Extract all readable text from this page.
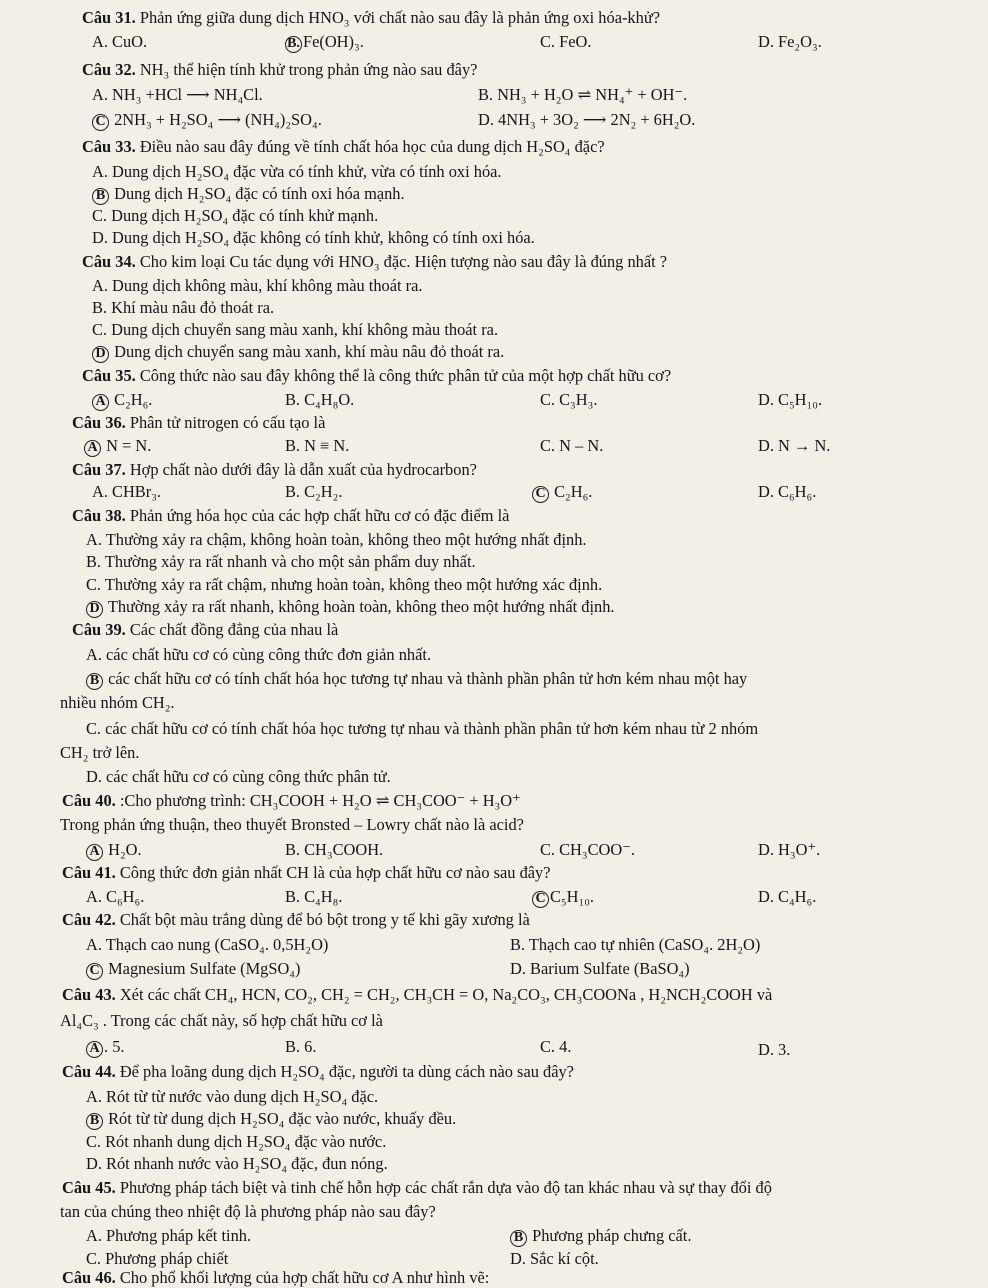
Câu 31. Phản ứng giữa dung dịch HNO₃ với chất nào sau đây là phản ứng oxi hóa-khử?
A. CuO.	B. Fe(OH)₃.	C. FeO.	D. Fe₂O₃.
Câu 32. NH₃ thể hiện tính khử trong phản ứng nào sau đây?
A. NH₃ +HCl ⟶ NH₄Cl.	B. NH₃ + H₂O ⇌ NH₄⁺ + OH⁻.
C 2NH₃ + H₂SO₄ ⟶ (NH₄)₂SO₄.	D. 4NH₃ + 3O₂ ⟶ 2N₂ + 6H₂O.
Câu 33. Điều nào sau đây đúng về tính chất hóa học của dung dịch H₂SO₄ đặc?
A. Dung dịch H₂SO₄ đặc vừa có tính khử, vừa có tính oxi hóa.
B Dung dịch H₂SO₄ đặc có tính oxi hóa mạnh.
C. Dung dịch H₂SO₄ đặc có tính khử mạnh.
D. Dung dịch H₂SO₄ đặc không có tính khử, không có tính oxi hóa.
Câu 34. Cho kim loại Cu tác dụng với HNO₃ đặc. Hiện tượng nào sau đây là đúng nhất ?
A. Dung dịch không màu, khí không màu thoát ra.
B. Khí màu nâu đỏ thoát ra.
C. Dung dịch chuyển sang màu xanh, khí không màu thoát ra.
D Dung dịch chuyển sang màu xanh, khí màu nâu đỏ thoát ra.
Câu 35. Công thức nào sau đây không thể là công thức phân tử của một hợp chất hữu cơ?
A C₂H₆.	B. C₄H₈O.	C. C₃H₃.	D. C₅H₁₀.
Câu 36. Phân tử nitrogen có cấu tạo là
A N = N.	B. N ≡ N.	C. N – N.	D. N → N.
Câu 37. Hợp chất nào dưới đây là dẫn xuất của hydrocarbon?
A. CHBr₃.	B. C₂H₂.	C C₂H₆.	D. C₆H₆.
Câu 38. Phản ứng hóa học của các hợp chất hữu cơ có đặc điểm là
A. Thường xảy ra chậm, không hoàn toàn, không theo một hướng nhất định.
B. Thường xảy ra rất nhanh và cho một sản phẩm duy nhất.
C. Thường xảy ra rất chậm, nhưng hoàn toàn, không theo một hướng xác định.
D Thường xảy ra rất nhanh, không hoàn toàn, không theo một hướng nhất định.
Câu 39. Các chất đồng đẳng của nhau là
A. các chất hữu cơ có cùng công thức đơn giản nhất.
B các chất hữu cơ có tính chất hóa học tương tự nhau và thành phần phân tử hơn kém nhau một hay
nhiều nhóm CH₂.
C. các chất hữu cơ có tính chất hóa học tương tự nhau và thành phần phân tử hơn kém nhau từ 2 nhóm
CH₂ trở lên.
D. các chất hữu cơ có cùng công thức phân tử.
Câu 40. :Cho phương trình: CH₃COOH + H₂O ⇌ CH₃COO⁻ + H₃O⁺
Trong phản ứng thuận, theo thuyết Bronsted – Lowry chất nào là acid?
A H₂O.	B. CH₃COOH.	C. CH₃COO⁻.	D. H₃O⁺.
Câu 41. Công thức đơn giản nhất CH là của hợp chất hữu cơ nào sau đây?
A. C₆H₆.	B. C₄H₈.	C C₅H₁₀.	D. C₄H₆.
Câu 42. Chất bột màu trắng dùng để bó bột trong y tế khi gãy xương là
A. Thạch cao nung (CaSO₄. 0,5H₂O)	B. Thạch cao tự nhiên (CaSO₄. 2H₂O)
C Magnesium Sulfate (MgSO₄)	D. Barium Sulfate (BaSO₄)
Câu 43. Xét các chất CH₄, HCN, CO₂, CH₂ = CH₂, CH₃CH = O, Na₂CO₃, CH₃COONa , H₂NCH₂COOH và
Al₄C₃ . Trong các chất này, số hợp chất hữu cơ là
A . 5.	B. 6.	C. 4.	D. 3.
Câu 44. Để pha loãng dung dịch H₂SO₄ đặc, người ta dùng cách nào sau đây?
A. Rót từ từ nước vào dung dịch H₂SO₄ đặc.
B Rót từ từ dung dịch H₂SO₄ đặc vào nước, khuấy đều.
C. Rót nhanh dung dịch H₂SO₄ đặc vào nước.
D. Rót nhanh nước vào H₂SO₄ đặc, đun nóng.
Câu 45. Phương pháp tách biệt và tinh chế hỗn hợp các chất rắn dựa vào độ tan khác nhau và sự thay đổi độ
tan của chúng theo nhiệt độ là phương pháp nào sau đây?
A. Phương pháp kết tinh.	B Phương pháp chưng cất.
C. Phương pháp chiết	D. Sắc kí cột.
Câu 46. Cho phổ khối lượng của hợp chất hữu cơ A như hình vẽ:
